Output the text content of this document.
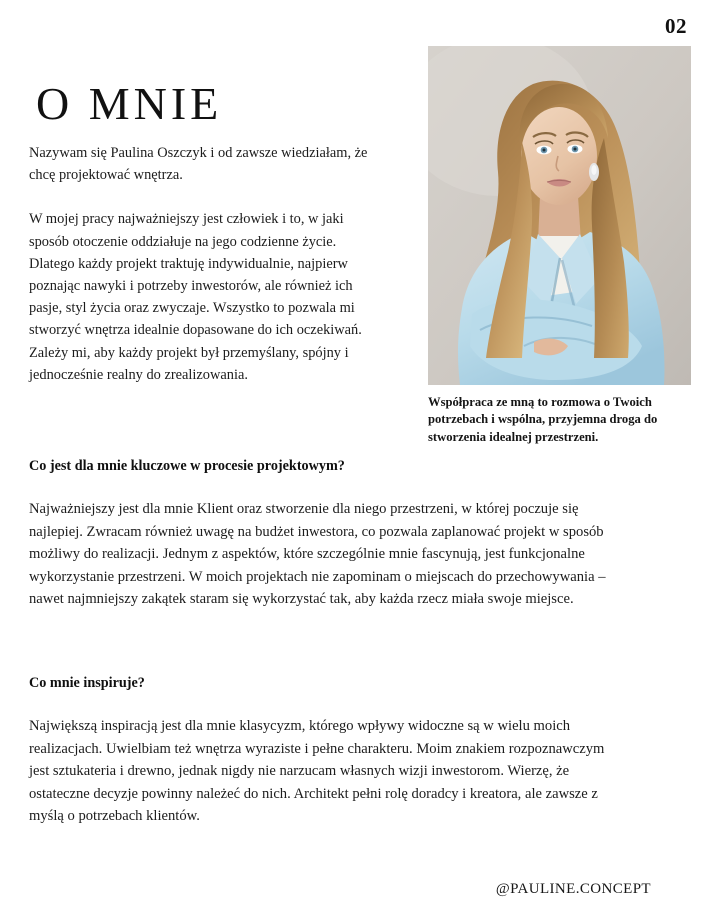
02
O MNIE

Nazywam się Paulina Oszczyk i od zawsze wiedziałam, że chcę projektować wnętrza.

W mojej pracy najważniejszy jest człowiek i to, w jaki sposób otoczenie oddziałuje na jego codzienne życie. Dlatego każdy projekt traktuję indywidualnie, najpierw poznając nawyki i potrzeby inwestorów, ale również ich pasje, styl życia oraz zwyczaje. Wszystko to pozwala mi stworzyć wnętrza idealnie dopasowane do ich oczekiwań. Zależy mi, aby każdy projekt był przemyślany, spójny i jednocześnie realny do zrealizowania.

Współpraca ze mną to rozmowa o Twoich potrzebach i wspólna, przyjemna droga do stworzenia idealnej przestrzeni.

Co jest dla mnie kluczowe w procesie projektowym?

Najważniejszy jest dla mnie Klient oraz stworzenie dla niego przestrzeni, w której poczuje się najlepiej. Zwracam również uwagę na budżet inwestora, co pozwala zaplanować projekt w sposób możliwy do realizacji. Jednym z aspektów, które szczególnie mnie fascynują, jest funkcjonalne wykorzystanie przestrzeni. W moich projektach nie zapominam o miejscach do przechowywania – nawet najmniejszy zakątek staram się wykorzystać tak, aby każda rzecz miała swoje miejsce.

Co mnie inspiruje?

Największą inspiracją jest dla mnie klasycyzm, którego wpływy widoczne są w wielu moich realizacjach. Uwielbiam też wnętrza wyraziste i pełne charakteru. Moim znakiem rozpoznawczym jest sztukateria i drewno, jednak nigdy nie narzucam własnych wizji inwestorom. Wierzę, że ostateczne decyzje powinny należeć do nich. Architekt pełni rolę doradcy i kreatora, ale zawsze z myślą o potrzebach klientów.

@PAULINE.CONCEPT
